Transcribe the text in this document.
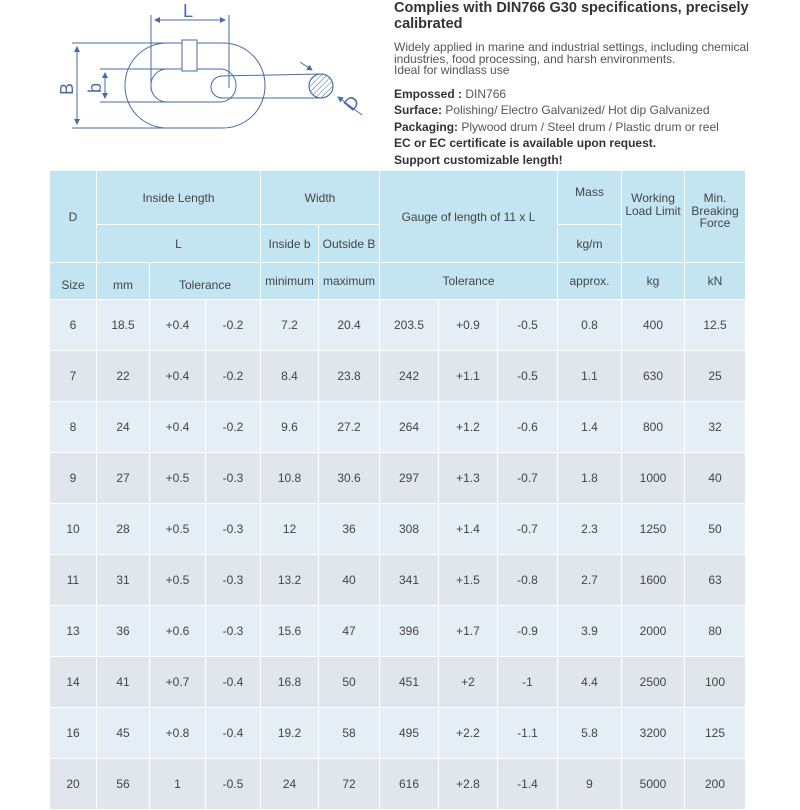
L
B b
D

Complies with DIN766 G30 specifications, precisely calibrated

Widely applied in marine and industrial settings, including chemical industries, food processing, and harsh environments.
Ideal for windlass use

Empossed : DIN766

Surface: Polishing/ Electro Galvanized/ Hot dip Galvanized

Packaging: Plywood drum / Steel drum / Plastic drum or reel

EC or EC certificate is available upon request.

Support customizable length!

D	Inside Length			Width		Gauge of length of 11 x L			Mass	Working Load Limit	Min. Breaking Force
	L			Inside b	Outside B				kg/m		
Size	mm	Tolerance		minimum	maximum	Tolerance			approx.	kg	kN
6	18.5	+0.4	-0.2	7.2	20.4	203.5	+0.9	-0.5	0.8	400	12.5
7	22	+0.4	-0.2	8.4	23.8	242	+1.1	-0.5	1.1	630	25
8	24	+0.4	-0.2	9.6	27.2	264	+1.2	-0.6	1.4	800	32
9	27	+0.5	-0.3	10.8	30.6	297	+1.3	-0.7	1.8	1000	40
10	28	+0.5	-0.3	12	36	308	+1.4	-0.7	2.3	1250	50
11	31	+0.5	-0.3	13.2	40	341	+1.5	-0.8	2.7	1600	63
13	36	+0.6	-0.3	15.6	47	396	+1.7	-0.9	3.9	2000	80
14	41	+0.7	-0.4	16.8	50	451	+2	-1	4.4	2500	100
16	45	+0.8	-0.4	19.2	58	495	+2.2	-1.1	5.8	3200	125
20	56	1	-0.5	24	72	616	+2.8	-1.4	9	5000	200
